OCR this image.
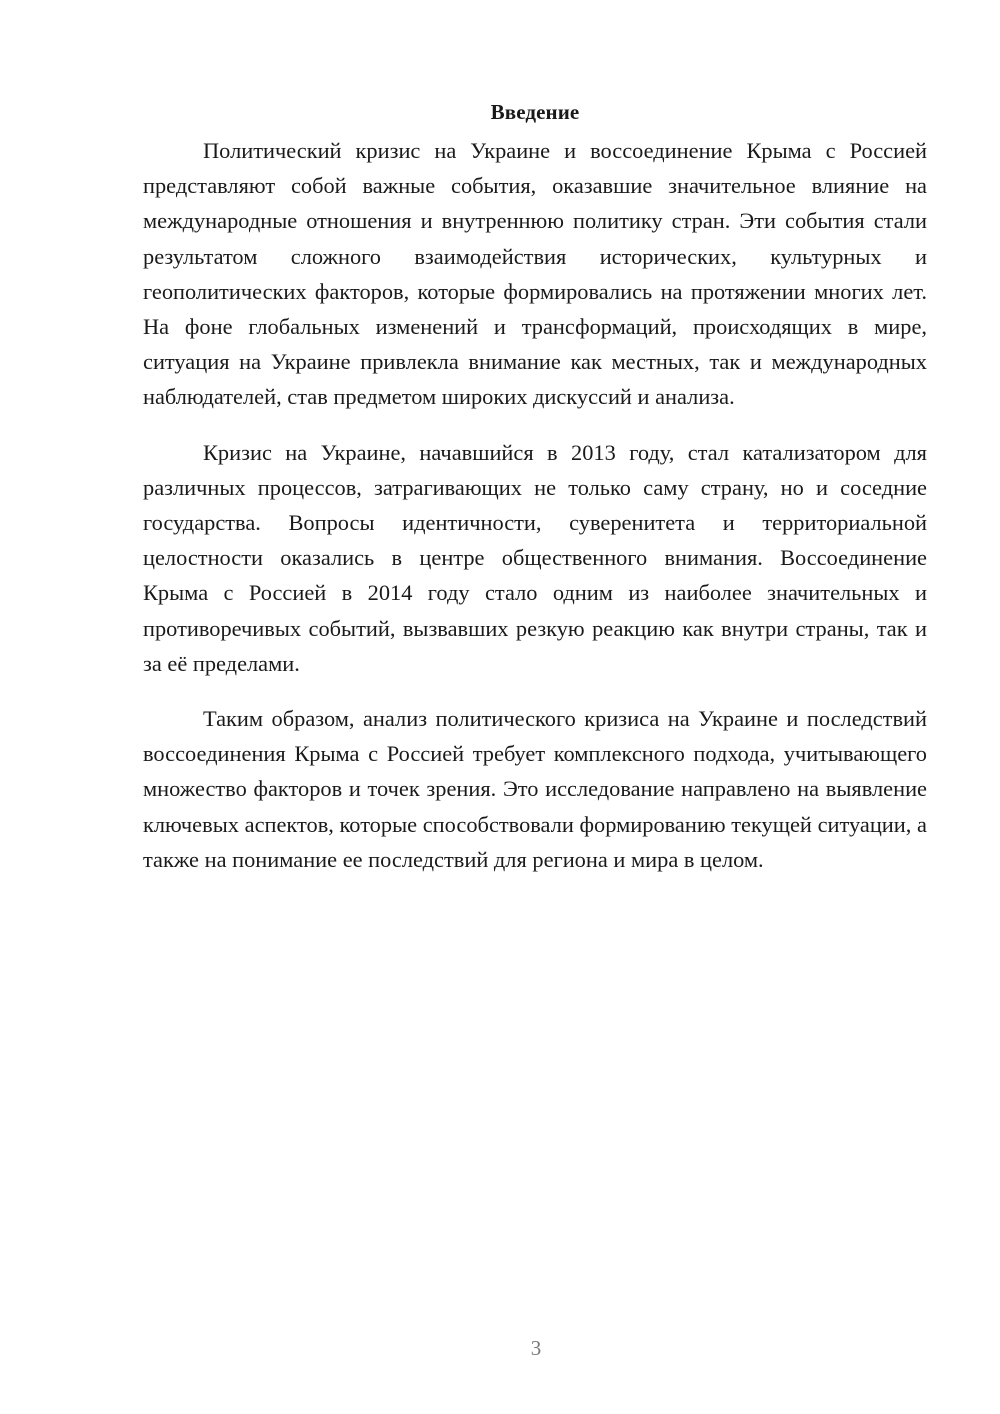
Введение

Политический кризис на Украине и воссоединение Крыма с Россией представляют собой важные события, оказавшие значительное влияние на международные отношения и внутреннюю политику стран. Эти события стали результатом сложного взаимодействия исторических, культурных и геополитических факторов, которые формировались на протяжении многих лет. На фоне глобальных изменений и трансформаций, происходящих в мире, ситуация на Украине привлекла внимание как местных, так и международных наблюдателей, став предметом широких дискуссий и анализа.

Кризис на Украине, начавшийся в 2013 году, стал катализатором для различных процессов, затрагивающих не только саму страну, но и соседние государства. Вопросы идентичности, суверенитета и территориальной целостности оказались в центре общественного внимания. Воссоединение Крыма с Россией в 2014 году стало одним из наиболее значительных и противоречивых событий, вызвавших резкую реакцию как внутри страны, так и за её пределами.

Таким образом, анализ политического кризиса на Украине и последствий воссоединения Крыма с Россией требует комплексного подхода, учитывающего множество факторов и точек зрения. Это исследование направлено на выявление ключевых аспектов, которые способствовали формированию текущей ситуации, а также на понимание ее последствий для региона и мира в целом.

3
